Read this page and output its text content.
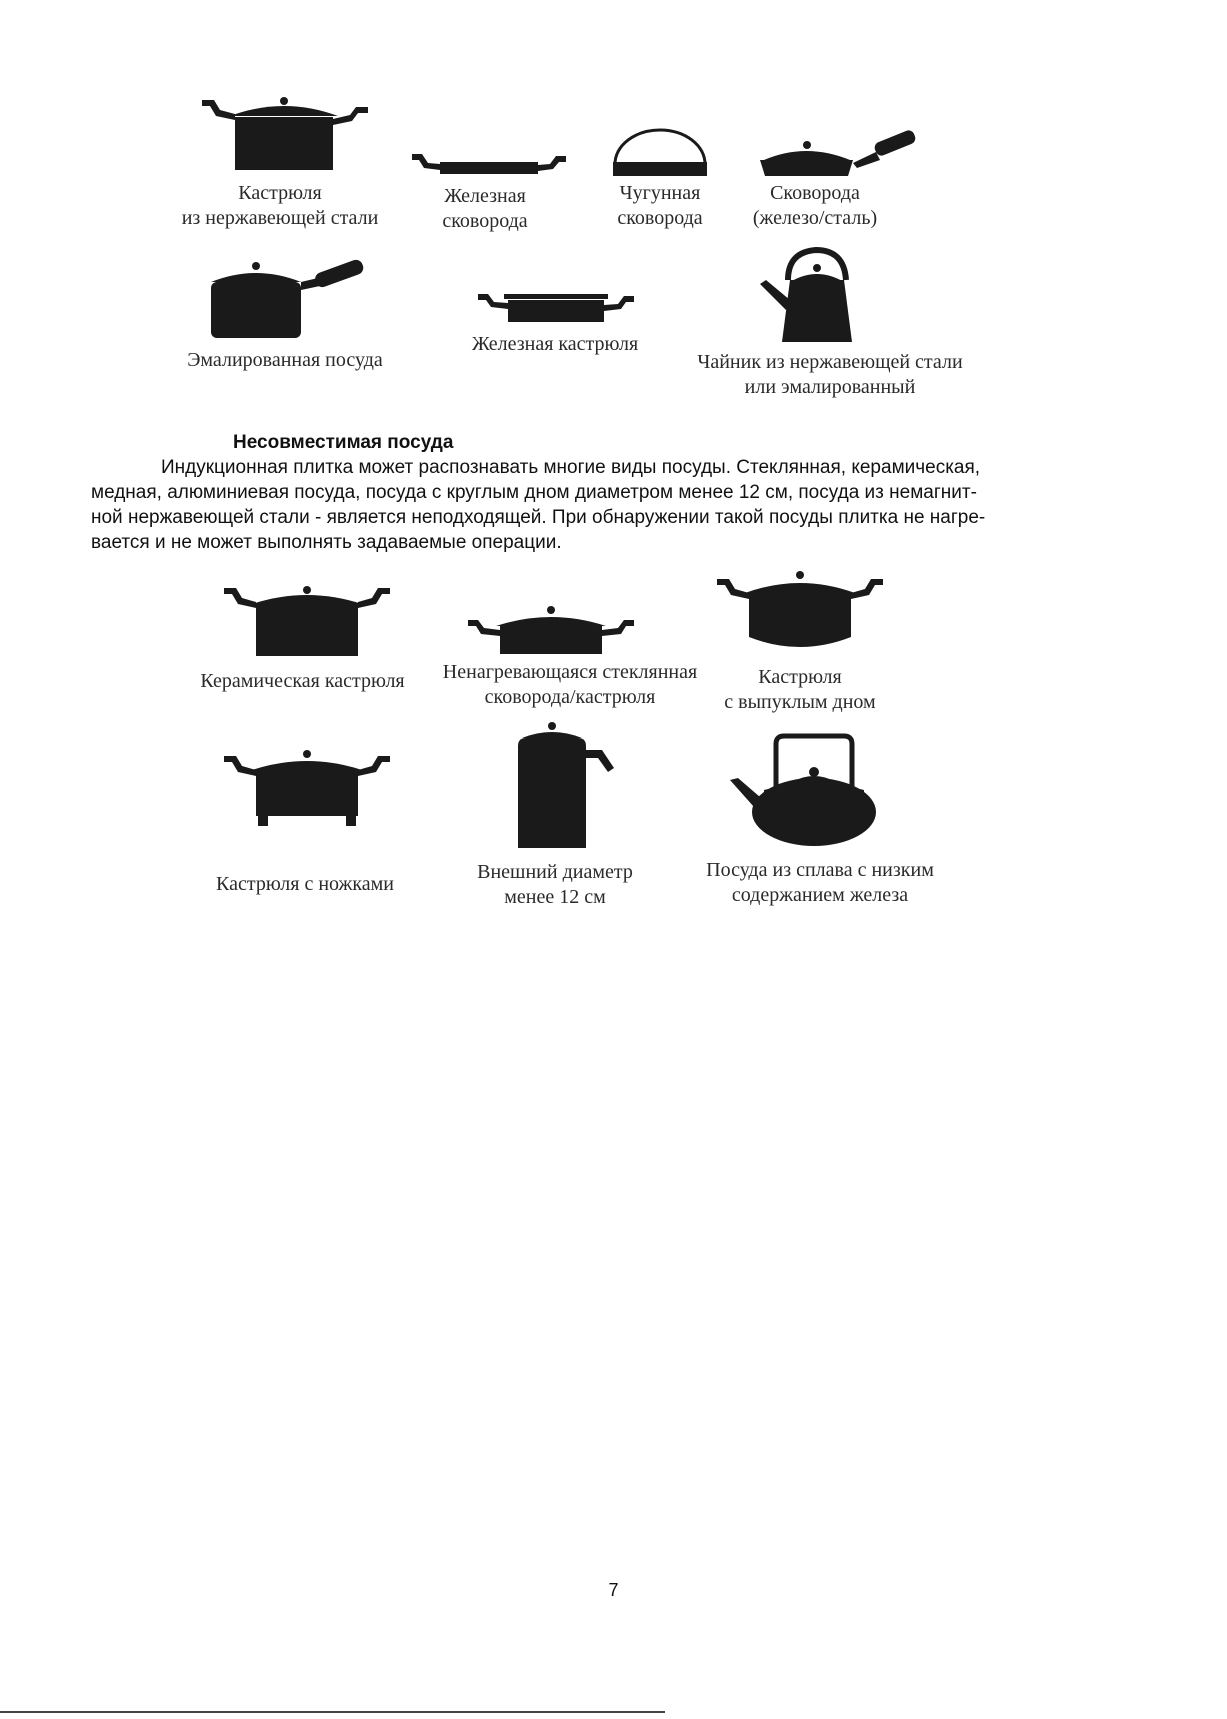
Кастрюля
из нержавеющей стали
Железная
сковорода
Чугунная
сковорода
Сковорода
(железо/сталь)
Эмалированная посуда
Железная кастрюля
Чайник из нержавеющей стали
или эмалированный
Несовместимая посуда
Индукционная плитка может распознавать многие виды посуды. Стеклянная, керамическая,
медная, алюминиевая посуда, посуда с круглым дном диаметром менее 12 см, посуда из немагнит-
ной нержавеющей стали - является неподходящей. При обнаружении такой посуды плитка не нагре-
вается и не может выполнять задаваемые операции.
Керамическая кастрюля	Ненагревающаяся стеклянная
сковорода/кастрюля
Кастрюля
с выпуклым дном
Кастрюля с ножками
Внешний диаметр
менее 12 см
Посуда из сплава с низким
содержанием железа
7
